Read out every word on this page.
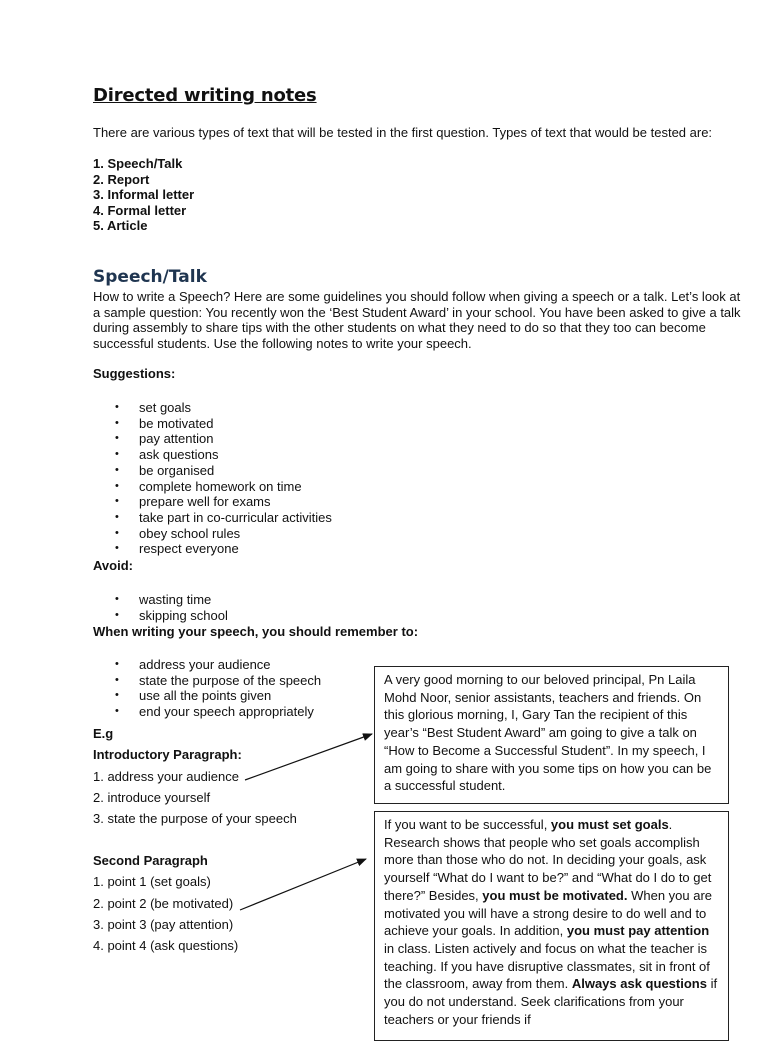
Directed writing notes
There are various types of text that will be tested in the first question. Types of text that would be tested are:
1. Speech/Talk
2. Report
3. Informal letter
4. Formal letter
5. Article
Speech/Talk
How to write a Speech? Here are some guidelines you should follow when giving a speech or a talk. Let’s look at a sample question: You recently won the ‘Best Student Award’ in your school. You have been asked to give a talk during assembly to share tips with the other students on what they need to do so that they too can become successful students. Use the following notes to write your speech.
Suggestions:
• set goals
• be motivated
• pay attention
• ask questions
• be organised
• complete homework on time
• prepare well for exams
• take part in co-curricular activities
• obey school rules
• respect everyone
Avoid:
• wasting time
• skipping school
When writing your speech, you should remember to:
• address your audience
• state the purpose of the speech
• use all the points given
• end your speech appropriately
E.g
Introductory Paragraph:
1. address your audience
2. introduce yourself
3. state the purpose of your speech
Second Paragraph
1. point 1 (set goals)
2. point 2 (be motivated)
3. point 3 (pay attention)
4. point 4 (ask questions)
A very good morning to our beloved principal, Pn Laila Mohd Noor, senior assistants, teachers and friends. On this glorious morning, I, Gary Tan the recipient of this year’s “Best Student Award” am going to give a talk on “How to Become a Successful Student”. In my speech, I am going to share with you some tips on how you can be a successful student.
If you want to be successful, you must set goals. Research shows that people who set goals accomplish more than those who do not. In deciding your goals, ask yourself “What do I want to be?” and “What do I do to get there?” Besides, you must be motivated. When you are motivated you will have a strong desire to do well and to achieve your goals. In addition, you must pay attention in class. Listen actively and focus on what the teacher is teaching. If you have disruptive classmates, sit in front of the classroom, away from them. Always ask questions if you do not understand. Seek clarifications from your teachers or your friends if
